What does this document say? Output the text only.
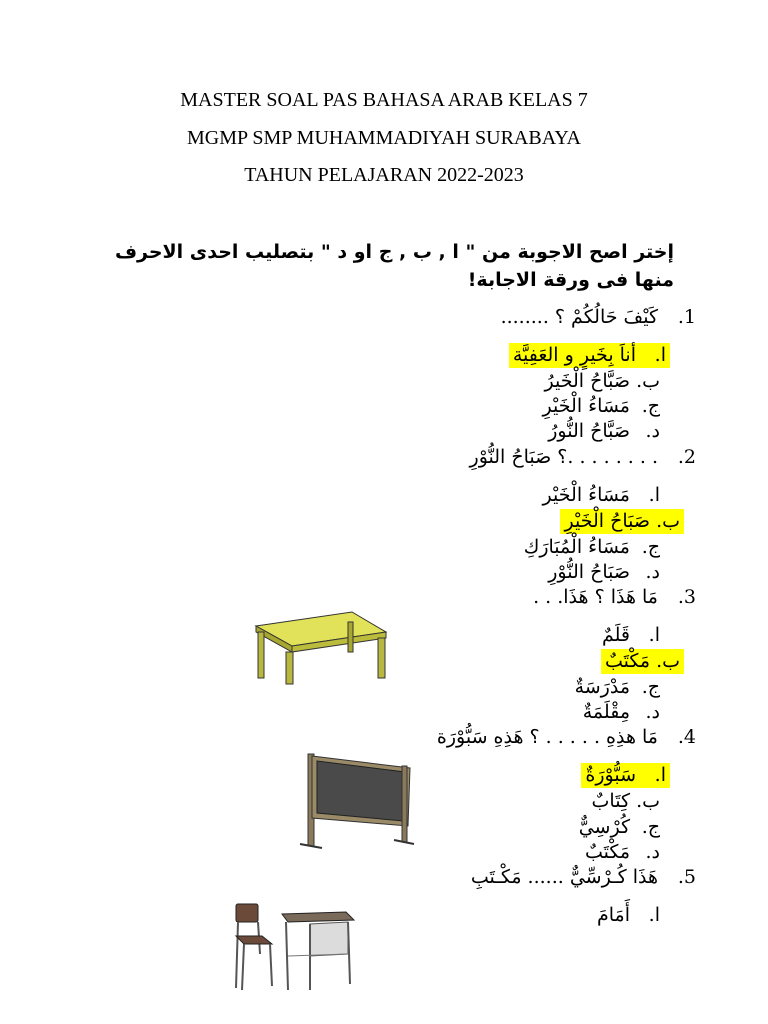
MASTER SOAL PAS BAHASA ARAB KELAS 7
MGMP SMP MUHAMMADIYAH SURABAYA
TAHUN PELAJARAN 2022-2023
إختر اصح الاجوبة من " ا , ب , ج او د " بتصليب احدى الاحرف منها فى ورقة الاجابة!
1.كَيْفَ حَالُكُمْ ؟ ........
ا.أناَ بِخَيرٍ و العَفِيَّة
ب.صَبَّاحُ الْخَيرُ
ج.مَسَاءُ الْخَيْرِ
د.صَبَّاحُ النُّورُ
2.. . . . . . . .؟ صَبَاحُ النُّوْرِ
ا.مَسَاءُ الْخَيْر
ب.صَبَاحُ الْخَيْرِ
ج.مَسَاءُ الْمُبَارَكِ
د.صَبَاحُ النُّوْرِ
3.مَا هَذَا ؟ هَذَا. . .
ا.قَلَمٌ
ب.مَكْتَبٌ
ج.مَدْرَسَةٌ
د.مِقْلَمَةٌ
4.مَا هذِهِ . . . . . ؟ هَذِهِ سَبُّوْرَة
ا.سَبُّوْرَةٌ
ب.كِتَابٌ
ج.كُرْسِيٌّ
د.مَكْتَبٌ
5.هَذَا كُـرْسِّيٌّ ...... مَكْـتَبِ
ا.أَمَامَ
